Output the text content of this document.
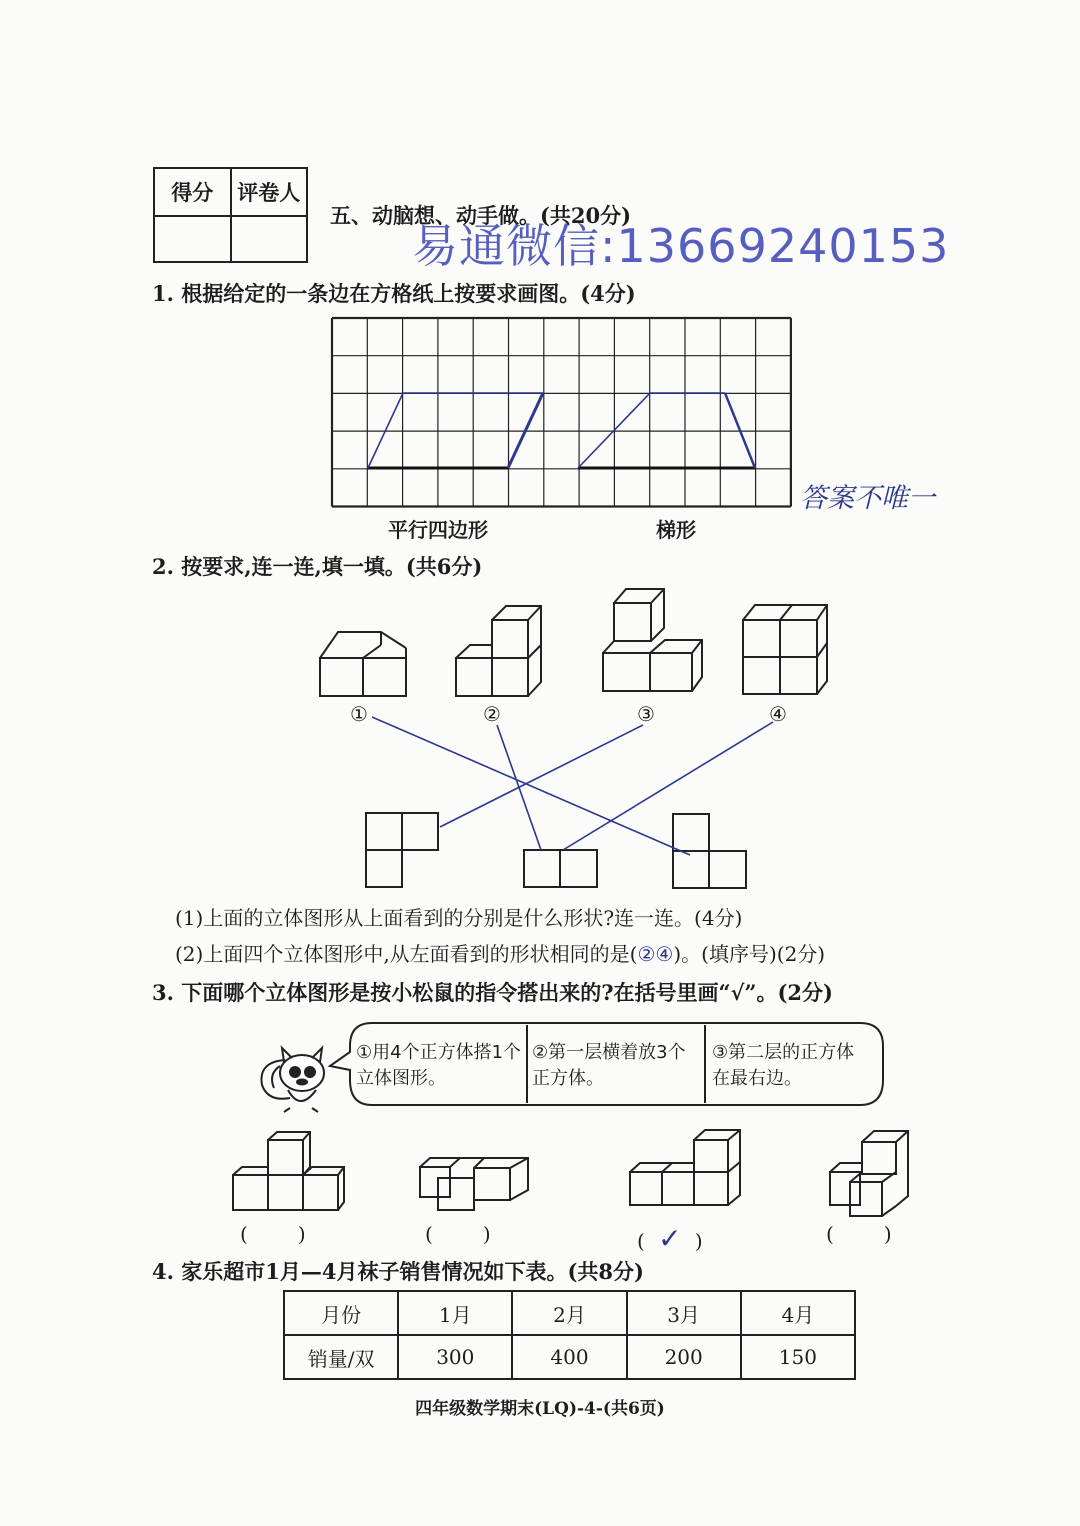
得分	评卷人
五、动脑想、动手做。(共20分)
易通微信:13669240153
1. 根据给定的一条边在方格纸上按要求画图。(4分)
平行四边形	梯形
答案不唯一
2. 按要求,连一连,填一填。(共6分)
①	②	③	④
(1)上面的立体图形从上面看到的分别是什么形状?连一连。(4分)
(2)上面四个立体图形中,从左面看到的形状相同的是(②④)。(填序号)(2分)
3. 下面哪个立体图形是按小松鼠的指令搭出来的?在括号里画“√”。(2分)
①用4个正方体搭1个立体图形。
②第一层横着放3个正方体。
③第二层的正方体在最右边。
(	)	(	)	( ✓ )	(	)
4. 家乐超市1月—4月袜子销售情况如下表。(共8分)
月份	1月	2月	3月	4月
销量/双	300	400	200	150
四年级数学期末(LQ)-4-(共6页)
